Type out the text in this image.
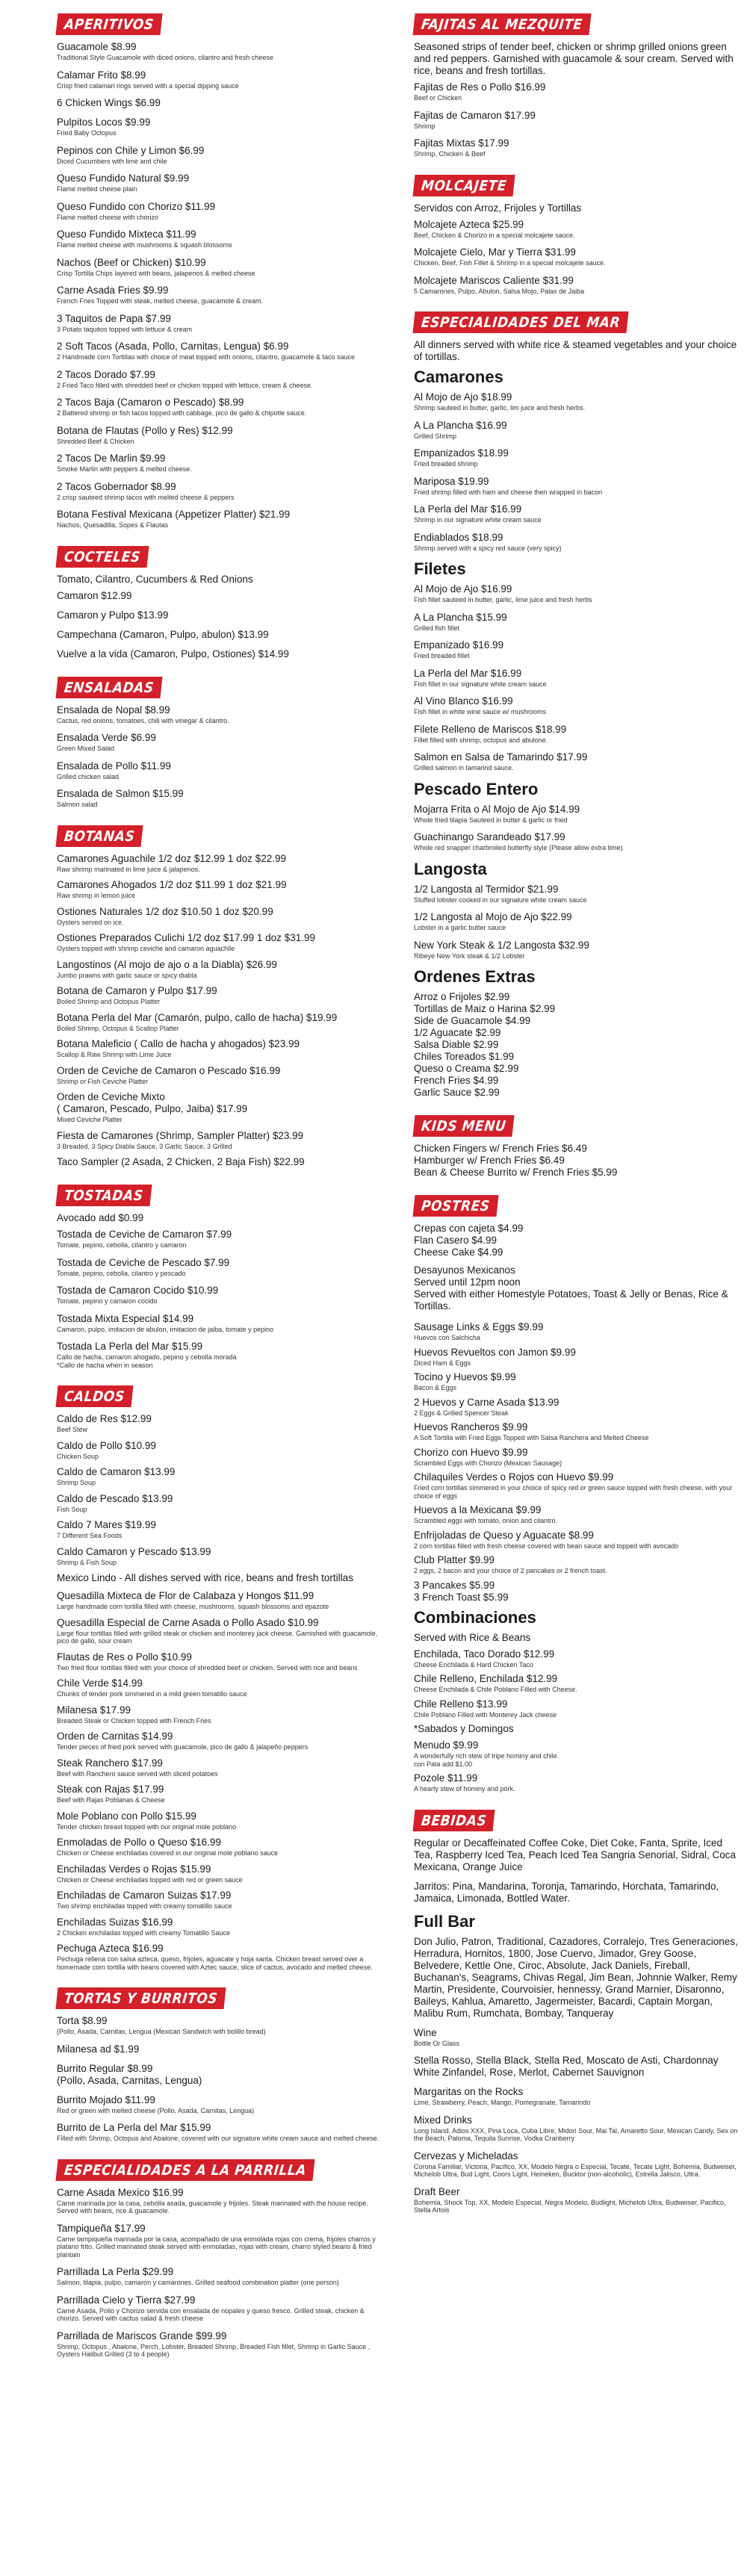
APERITIVOS
Guacamole $8.99
Traditional Style Guacamole with diced onions, cilantro and fresh cheese
Calamar Frito $8.99
Crisp fried calamari rings served with a special dipping sauce
6 Chicken Wings $6.99
Pulpitos Locos $9.99
Fried Baby Octopus
Pepinos con Chile y Limon $6.99
Diced Cucumbers with lime and chile
Queso Fundido Natural $9.99
Flame melted cheese plain
Queso Fundido con Chorizo $11.99
Flame melted cheese with chorizo
Queso Fundido Mixteca $11.99
Flame melted cheese with mushrooms & squash blossoms
Nachos (Beef or Chicken) $10.99
Crisp Tortilla Chips layered with beans, jalapenos & melted cheese
Carne Asada Fries $9.99
French Fries Topped with steak, melted cheese, guacamole & cream.
3 Taquitos de Papa $7.99
3 Potato taquitos topped with lettuce & cream
2 Soft Tacos (Asada, Pollo, Carnitas, Lengua) $6.99
2 Handmade corn Tortillas with choice of meat topped with onions, cilantro, guacamole & taco sauce
2 Tacos Dorado $7.99
2 Fried Taco filled with shredded beef or chicken topped with lettuce, cream & cheese.
2 Tacos Baja (Camaron o Pescado) $8.99
2 Battered shrimp or fish tacos topped with cabbage, pico de gallo & chipotle sauce.
Botana de Flautas (Pollo y Res) $12.99
Shredded Beef & Chicken
2 Tacos De Marlin $9.99
Smoke Marlin with peppers & melted cheese.
2 Tacos Gobernador $8.99
2 crisp sauteed shrimp tacos with melted cheese & peppers
Botana Festival Mexicana (Appetizer Platter) $21.99
Nachos, Quesadilla, Sopes & Flautas
COCTELES
Tomato, Cilantro, Cucumbers & Red Onions
Camaron $12.99
Camaron y Pulpo $13.99
Campechana (Camaron, Pulpo, abulon) $13.99
Vuelve a la vida (Camaron, Pulpo, Ostiones) $14.99
ENSALADAS
Ensalada de Nopal $8.99
Cactus, red onions, tomatoes, chili with vinegar & cilantro.
Ensalada Verde $6.99
Green Mixed Salad
Ensalada de Pollo $11.99
Grilled chicken salad
Ensalada de Salmon $15.99
Salmon salad
BOTANAS
Camarones Aguachile 1/2 doz $12.99 1 doz $22.99
Raw shrimp marinated in lime juice & jalapenos.
Camarones Ahogados 1/2 doz $11.99 1 doz $21.99
Raw shrimp in lemon juice
Ostiones Naturales 1/2 doz $10.50 1 doz $20.99
Oysters served on ice.
Ostiones Preparados Culichi 1/2 doz $17.99 1 doz $31.99
Oysters topped with shrimp ceviche and camaron aguachile
Langostinos (Al mojo de ajo o a la Diabla) $26.99
Jumbo prawns with garlic sauce or spicy diabla
Botana de Camaron y Pulpo $17.99
Boiled Shrimp and Octopus Platter
Botana Perla del Mar (Camarón, pulpo, callo de hacha) $19.99
Boiled Shrimp, Octopus & Scallop Platter
Botana Maleficio ( Callo de hacha y ahogados) $23.99
Scallop & Raw Shrimp with Lime Juice
Orden de Ceviche de Camaron o Pescado $16.99
Shrimp or Fish Ceviche Platter
Orden de Ceviche Mixto
( Camaron, Pescado, Pulpo, Jaiba) $17.99
Mixed Ceviche Platter
Fiesta de Camarones (Shrimp, Sampler Platter) $23.99
3 Breaded, 3 Spicy Diabla Sauce, 3 Garlic Sauce, 3 Grilled
Taco Sampler (2 Asada, 2 Chicken, 2 Baja Fish) $22.99
TOSTADAS
Avocado add $0.99
Tostada de Ceviche de Camaron $7.99
Tomate, pepino, cebolla, cilantro y camaron
Tostada de Ceviche de Pescado $7.99
Tomate, pepino, cebolla, cilantro y pescado
Tostada de Camaron Cocido $10.99
Tomate, pepino y camaron cocido
Tostada Mixta Especial $14.99
Camaron, pulpo, imitacion de abulon, imitacion de jaiba, tomate y pepino
Tostada La Perla del Mar $15.99
Callo de hacha, camaron ahogado, pepino y cebolla morada
*Callo de hacha when in season
CALDOS
Caldo de Res $12.99
Beef Stew
Caldo de Pollo $10.99
Chicken Soup
Caldo de Camaron $13.99
Shrimp Soup
Caldo de Pescado $13.99
Fish Soup
Caldo 7 Mares $19.99
7 Different Sea Foods
Caldo Camaron y Pescado $13.99
Shrimp & Fish Soup
Mexico Lindo - All dishes served with rice, beans and fresh tortillas
Quesadilla Mixteca de Flor de Calabaza y Hongos $11.99
Large handmade corn tortilla filled with cheese, mushrooms, squash blossoms and epazote
Quesadilla Especial de Carne Asada o Pollo Asado $10.99
Large flour tortillas filled with grilled steak or chicken and monterey jack cheese. Garnished with guacamole, pico de gallo, sour cream
Flautas de Res o Pollo $10.99
Two fried flour tortillas filled with your choice of shredded beef or chicken. Served with rice and beans
Chile Verde $14.99
Chunks of tender pork simmered in a mild green tomatillo sauce
Milanesa $17.99
Breaded Steak or Chicken topped with French Fries
Orden de Carnitas $14.99
Tender pieces of fried pork served with guacamole, pico de gallo & jalapeño peppers
Steak Ranchero $17.99
Beef with Ranchero sauce served with sliced potatoes
Steak con Rajas $17.99
Beef with Rajas Poblanas & Cheese
Mole Poblano con Pollo $15.99
Tender chicken breast topped with our original mole poblano
Enmoladas de Pollo o Queso $16.99
Chicken or Cheese enchiladas covered in our original mole poblano sauce
Enchiladas Verdes o Rojas $15.99
Chicken or Cheese enchiladas topped with red or green sauce
Enchiladas de Camaron Suizas $17.99
Two shrimp enchiladas topped with creamy tomatillo sauce
Enchiladas Suizas $16.99
2 Chicken enchiladas topped with creamy Tomatillo Sauce
Pechuga Azteca $16.99
Pechuga rellena con salsa azteca, queso, frijoles, aguacate y hoja santa. Chicken breast served over a homemade corn tortilla with beans covered with Aztec sauce, slice of cactus, avocado and melted cheese.
TORTAS Y BURRITOS
Torta $8.99
(Pollo, Asada, Carnitas, Lengua (Mexican Sandwich with bolillo bread)
Milanesa ad $1.99
Burrito Regular $8.99
(Pollo, Asada, Carnitas, Lengua)
Burrito Mojado $11.99
Red or green with melted cheese (Pollo, Asada, Carnitas, Lengua)
Burrito de La Perla del Mar $15.99
Filled with Shrimp, Octopus and Abalone, covered with our signature white cream sauce and melted cheese.
ESPECIALIDADES A LA PARRILLA
Carne Asada Mexico $16.99
Carne marinada por la casa, cebolla asada, guacamole y frijoles. Steak marinated with the house recipe. Served with beans, rice & guacamole.
Tampiqueña $17.99
Carne tampiqueña marinada por la casa, acompañado de una enmolada rojas con crema, frijoles charros y platano frito. Grilled marinated steak served with enmoladas, rojas with cream, charro styled beans & fried plantain
Parrillada La Perla $29.99
Salmon, tilapia, pulpo, camaron y camarones. Grilled seafood combination platter (one person)
Parrillada Cielo y Tierra $27.99
Carne Asada, Pollo y Chorizo servida con ensalada de nopales y queso fresco. Grilled steak, chicken & chorizo. Served with cactus salad & fresh cheese
Parrillada de Mariscos Grande $99.99
Shrimp, Octopus , Abalone, Perch, Lobster, Breaded Shrimp, Breaded Fish fillet, Shrimp in Garlic Sauce , Oysters Halibut Grilled (3 to 4 people)
FAJITAS AL MEZQUITE
Seasoned strips of tender beef, chicken or shrimp grilled onions green and red peppers. Garnished with guacamole & sour cream. Served with rice, beans and fresh tortillas.
Fajitas de Res o Pollo $16.99
Beef or Chicken
Fajitas de Camaron $17.99
Shrimp
Fajitas Mixtas $17.99
Shrimp, Chicken & Beef
MOLCAJETE
Servidos con Arroz, Frijoles y Tortillas
Molcajete Azteca $25.99
Beef, Chicken & Chorizo in a special molcajete sauce.
Molcajete Cielo, Mar y Tierra $31.99
Chicken, Beef, Fish Fillet & Shrimp in a special molcajete sauce.
Molcajete Mariscos Caliente $31.99
5 Camarones, Pulpo, Abulon, Salsa Mojo, Palas de Jaiba
ESPECIALIDADES DEL MAR
All dinners served with white rice & steamed vegetables and your choice of tortillas.
Camarones
Al Mojo de Ajo $18.99
Shrimp sauteed in butter, garlic, lim juice and fresh herbs.
A La Plancha $16.99
Grilled Shrimp
Empanizados $18.99
Fried breaded shrimp
Mariposa $19.99
Fried shrimp filled with ham and cheese then wrapped in bacon
La Perla del Mar $16.99
Shrimp in our signature white cream sauce
Endiablados $18.99
Shrimp served with a spicy red sauce (very spicy)
Filetes
Al Mojo de Ajo $16.99
Fish fillet sauteed in butter, garlic, lime juice and fresh herbs
A La Plancha $15.99
Grilled fish fillet
Empanizado $16.99
Fried breaded fillet
La Perla del Mar $16.99
Fish fillet in our signature white cream sauce
Al Vino Blanco $16.99
Fish fillet in white wine sauce w/ mushrooms
Filete Relleno de Mariscos $18.99
Fillet filled with shrimp, octopus and abulone.
Salmon en Salsa de Tamarindo $17.99
Grilled salmon in tamarind sauce.
Pescado Entero
Mojarra Frita o Al Mojo de Ajo $14.99
Whole fried tilapia Sauteed in butter & garlic or fried
Guachinango Sarandeado $17.99
Whole red snapper charbroiled butterfly style (Please allow extra time)
Langosta
1/2 Langosta al Termidor $21.99
Stuffed lobster cooked in our signature white cream sauce
1/2 Langosta al Mojo de Ajo $22.99
Lobster in a garlic butter sauce
New York Steak & 1/2 Langosta $32.99
Ribeye New York steak & 1/2 Lobster
Ordenes Extras
Arroz o Frijoles $2.99
Tortillas de Maiz o Harina $2.99
Side de Guacamole $4.99
1/2 Aguacate $2.99
Salsa Diable $2.99
Chiles Toreados $1.99
Queso o Creama $2.99
French Fries $4.99
Garlic Sauce $2.99
KIDS MENU
Chicken Fingers w/ French Fries $6.49
Hamburger w/ French Fries $6.49
Bean & Cheese Burrito w/ French Fries $5.99
POSTRES
Crepas con cajeta $4.99
Flan Casero $4.99
Cheese Cake $4.99
Desayunos Mexicanos
Served until 12pm noon
Served with either Homestyle Potatoes, Toast & Jelly or Benas, Rice & Tortillas.
Sausage Links & Eggs $9.99
Huevos con Salchicha
Huevos Revueltos con Jamon $9.99
Diced Ham & Eggs
Tocino y Huevos $9.99
Bacon & Eggs
2 Huevos y Carne Asada $13.99
2 Eggs & Grilled Spencer Steak
Huevos Rancheros $9.99
A Soft Tortilla with Fried Eggs Topped with Salsa Ranchera and Melted Cheese
Chorizo con Huevo $9.99
Scrambled Eggs with Chorizo (Mexican Sausage)
Chilaquiles Verdes o Rojos con Huevo $9.99
Fried corn tortillas simmered in your choice of spicy red or green sauce topped with fresh cheese, with your choice of eggs
Huevos a la Mexicana $9.99
Scrambled eggs with tomato, onion and cilantro.
Enfrijoladas de Queso y Aguacate $8.99
2 corn tortillas filled with fresh cheese covered with bean sauce and topped with avocado
Club Platter $9.99
2 eggs, 2 bacon and your choice of 2 pancakes or 2 french toast.
3 Pancakes $5.99
3 French Toast $5.99
Combinaciones
Served with Rice & Beans
Enchilada, Taco Dorado $12.99
Cheese Enchilada & Hard Chicken Taco
Chile Relleno, Enchilada $12.99
Cheese Enchilada & Chile Poblano Filled with Cheese.
Chile Relleno $13.99
Chile Poblano Filled with Monterey Jack cheese
*Sabados y Domingos
Menudo $9.99
A wonderfully rich stew of tripe hominy and chile.
con Pata add $1.00
Pozole $11.99
A hearty stew of hominy and pork.
BEBIDAS
Regular or Decaffeinated Coffee Coke, Diet Coke, Fanta, Sprite, Iced Tea, Raspberry Iced Tea, Peach Iced Tea Sangria Senorial, Sidral, Coca Mexicana, Orange Juice
Jarritos: Pina, Mandarina, Toronja, Tamarindo, Horchata, Tamarindo, Jamaica, Limonada, Bottled Water.
Full Bar
Don Julio, Patron, Traditional, Cazadores, Corralejo, Tres Generaciones, Herradura, Hornitos, 1800, Jose Cuervo, Jimador, Grey Goose, Belvedere, Kettle One, Ciroc, Absolute, Jack Daniels, Fireball, Buchanan's, Seagrams, Chivas Regal, Jim Bean, Johnnie Walker, Remy Martin, Presidente, Courvoisier, hennessy, Grand Marnier, Disaronno, Baileys, Kahlua, Amaretto, Jagermeister, Bacardi, Captain Morgan, Malibu Rum, Rumchata, Bombay, Tanqueray
Wine
Bottle Or Glass
Stella Rosso, Stella Black, Stella Red, Moscato de Asti, Chardonnay White Zinfandel, Rose, Merlot, Cabernet Sauvignon
Margaritas on the Rocks
Lime, Strawberry, Peach, Mango, Pomegranate, Tamarindo
Mixed Drinks
Long Island, Adios XXX, Pina Loca, Cuba Libre, Midori Sour, Mai Tai, Amaretto Sour, Mexican Candy, Sex on the Beach, Paloma, Tequila Sunrise, Vodka Cranberry
Cervezas y Micheladas
Corona Familiar, Victoria, Pacifico, XX, Modelo Negra o Especial, Tecate, Tecate Light, Bohemia, Budweiser, Michelob Ultra, Bud Light, Coors Light, Heineken, Bucktor (non-alcoholic), Estrella Jalisco, Ultra.
Draft Beer
Bohemia, Shock Top, XX, Modelo Especial, Negra Modelo, Budlight, Michelob Ultra, Budweiser, Pacifico, Stella Artois
